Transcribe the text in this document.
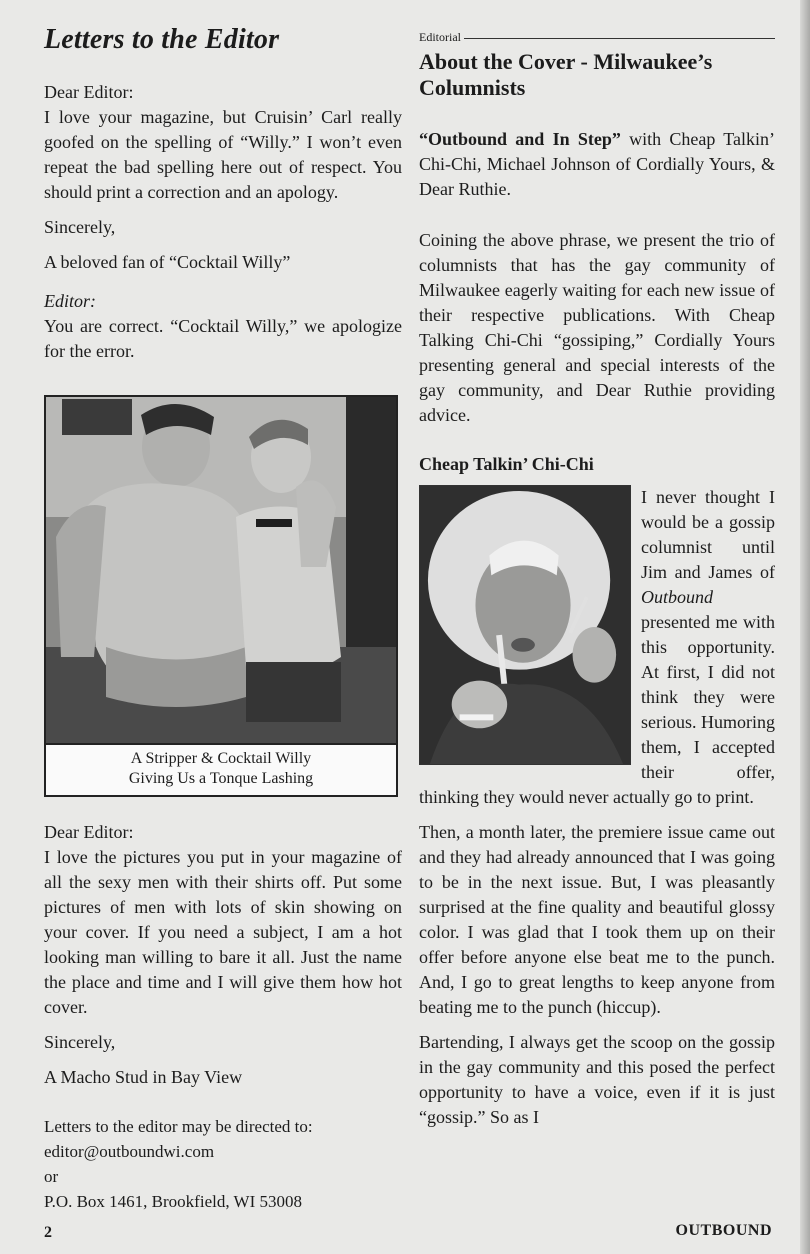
Letters to the Editor

Dear Editor:

I love your magazine, but Cruisin’ Carl really goofed on the spelling of “Willy.” I won’t even repeat the bad spelling here out of respect. You should print a correction and an apology.

Sincerely,

A beloved fan of “Cocktail Willy”

Editor:

You are correct. “Cocktail Willy,” we apologize for the error.

A Stripper & Cocktail Willy
Giving Us a Tonque Lashing

Dear Editor:

I love the pictures you put in your magazine of all the sexy men with their shirts off. Put some pictures of men with lots of skin showing on your cover. If you need a subject, I am a hot looking man willing to bare it all. Just the name the place and time and I will give them how hot cover.

Sincerely,

A Macho Stud in Bay View

Letters to the editor may be directed to:
editor@outboundwi.com
or
P.O. Box 1461, Brookfield, WI 53008
2
Editorial
About the Cover - Milwaukee’s Columnists

“Outbound and In Step” with Cheap Talkin’ Chi-Chi, Michael Johnson of Cordially Yours, & Dear Ruthie.

Coining the above phrase, we present the trio of columnists that has the gay community of Milwaukee eagerly waiting for each new issue of their respective publications. With Cheap Talking Chi-Chi “gossiping,” Cordially Yours presenting general and special interests of the gay community, and Dear Ruthie providing advice.

Cheap Talkin’ Chi-Chi

I never thought I would be a gossip columnist until Jim and James of Outbound presented me with this opportunity. At first, I did not think they were serious. Humoring them, I accepted their offer, thinking they would never actually go to print.

Then, a month later, the premiere issue came out and they had already announced that I was going to be in the next issue. But, I was pleasantly surprised at the fine quality and beautiful glossy color. I was glad that I took them up on their offer before anyone else beat me to the punch. And, I go to great lengths to keep anyone from beating me to the punch (hiccup).

Bartending, I always get the scoop on the gossip in the gay community and this posed the perfect opportunity to have a voice, even if it is just “gossip.” So as I

OUTBOUND
